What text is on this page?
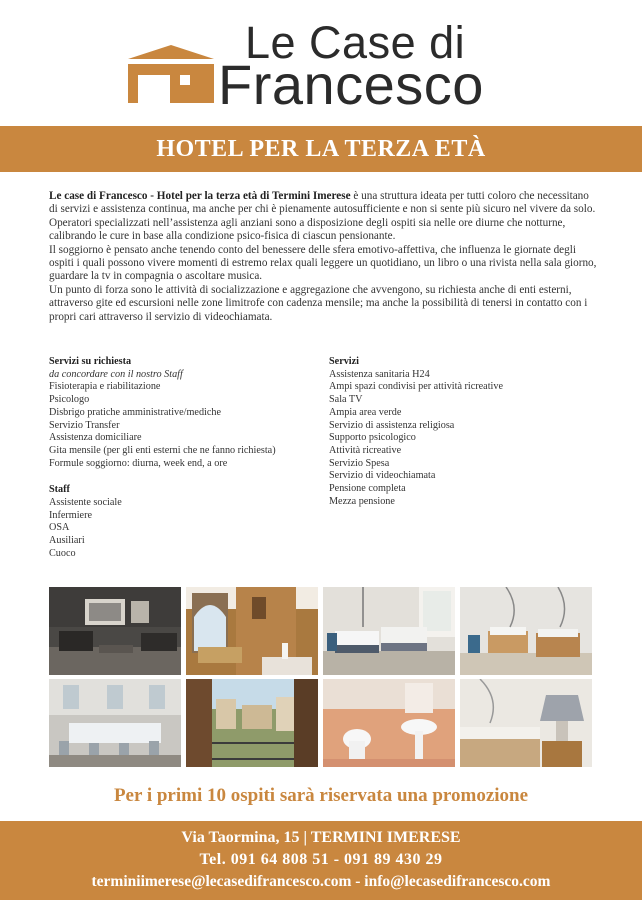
Le Case di
Francesco
HOTEL PER LA TERZA ETÀ

Le case di Francesco - Hotel per la terza età di Termini Imerese è una struttura ideata per tutti coloro che necessitano di servizi e assistenza continua, ma anche per chi è pienamente autosufficiente e non si sente più sicuro nel vivere da solo.

Operatori specializzati nell’assistenza agli anziani sono a disposizione degli ospiti sia nelle ore diurne che notturne, calibrando le cure in base alla condizione psico-fisica di ciascun pensionante.

Il soggiorno è pensato anche tenendo conto del benessere delle sfera emotivo-affettiva, che influenza le giornate degli ospiti i quali possono vivere momenti di estremo relax quali leggere un quotidiano, un libro o una rivista nella sala giorno, guardare la tv in compagnia o ascoltare musica.

Un punto di forza sono le attività di socializzazione e aggregazione che avvengono, su richiesta anche di enti esterni, attraverso gite ed escursioni nelle zone limitrofe con cadenza mensile; ma anche la possibilità di tenersi in contatto con i propri cari attraverso il servizio di videochiamata.

Servizi su richiesta
da concordare con il nostro Staff
Fisioterapia e riabilitazione
Psicologo
Disbrigo pratiche amministrative/mediche
Servizio Transfer
Assistenza domiciliare
Gita mensile (per gli enti esterni che ne fanno richiesta)
Formule soggiorno: diurna, week end, a ore
Staff
Assistente sociale
Infermiere
OSA
Ausiliari
Cuoco
Servizi
Assistenza sanitaria H24
Ampi spazi condivisi per attività ricreative
Sala TV
Ampia area verde
Servizio di assistenza religiosa
Supporto psicologico
Attività ricreative
Servizio Spesa
Servizio di videochiamata
Pensione completa
Mezza pensione
Per i primi 10 ospiti sarà riservata una promozione
Via Taormina, 15 | TERMINI IMERESE
Tel. 091 64 808 51 - 091 89 430 29
terminiimerese@lecasedifrancesco.com - info@lecasedifrancesco.com
